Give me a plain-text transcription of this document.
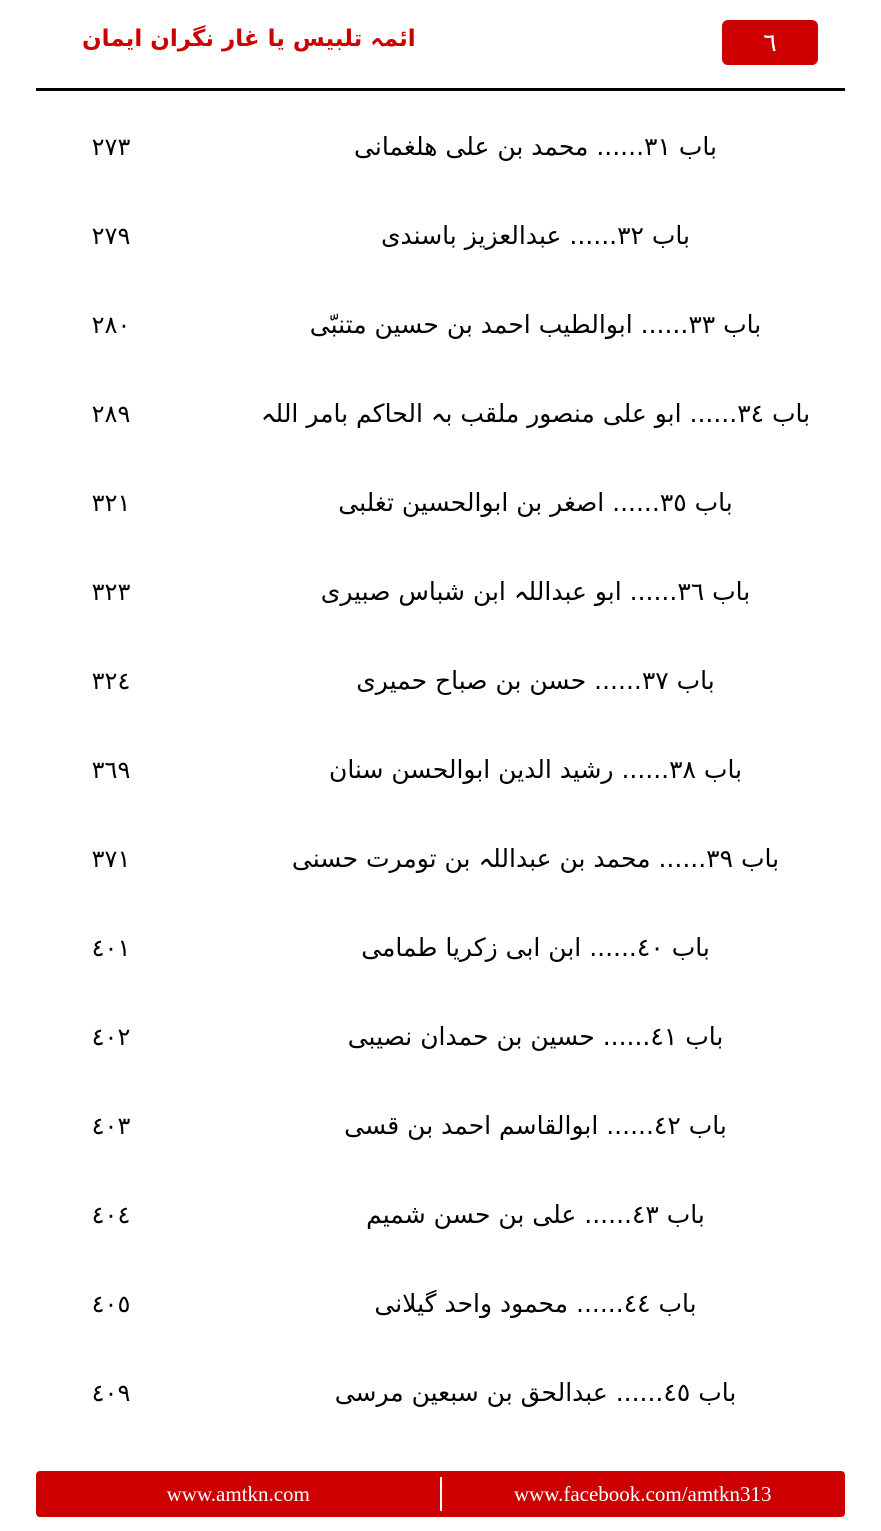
٦
ائمہ تلبیس یا غار نگران ایمان
باب ٣١...... محمد بن علی ھلغمانی
٢٧٣
باب ٣٢...... عبدالعزیز باسندی
٢٧٩
باب ٣٣...... ابوالطیب احمد بن حسین متنبّی
٢٨٠
باب ٣٤...... ابو علی منصور ملقب بہ الحاکم بامر اللہ
٢٨٩
باب ٣٥...... اصغر بن ابوالحسین تغلبی
٣٢١
باب ٣٦...... ابو عبداللہ ابن شباس صبیری
٣٢٣
باب ٣٧...... حسن بن صباح حمیری
٣٢٤
باب ٣٨...... رشید الدین ابوالحسن سنان
٣٦٩
باب ٣٩...... محمد بن عبداللہ بن تومرت حسنی
٣٧١
باب ٤٠...... ابن ابی زکریا طمامی
٤٠١
باب ٤١...... حسین بن حمدان نصیبی
٤٠٢
باب ٤٢...... ابوالقاسم احمد بن قسی
٤٠٣
باب ٤٣...... علی بن حسن شمیم
٤٠٤
باب ٤٤...... محمود واحد گیلانی
٤٠٥
باب ٤٥...... عبدالحق بن سبعین مرسی
٤٠٩
www.amtkn.com	www.facebook.com/amtkn313
